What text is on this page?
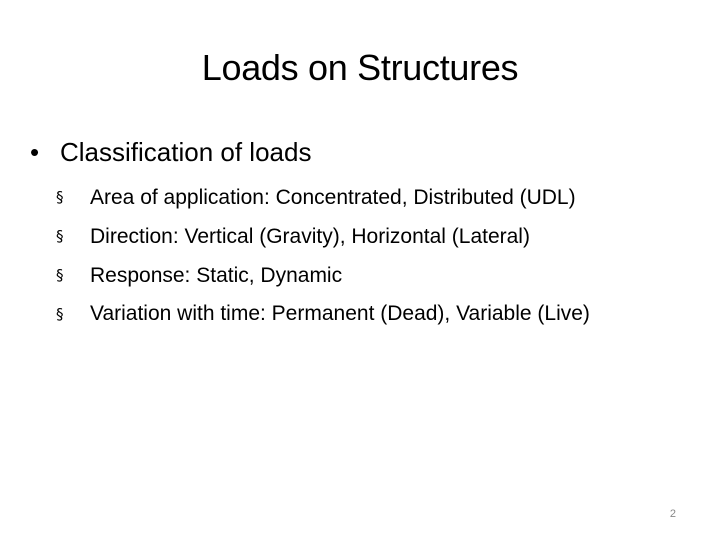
Loads on Structures
• Classification of loads
§	Area of application: Concentrated, Distributed (UDL)
§	Direction: Vertical (Gravity), Horizontal (Lateral)
§	Response: Static, Dynamic
§	Variation with time: Permanent (Dead), Variable (Live)
2
